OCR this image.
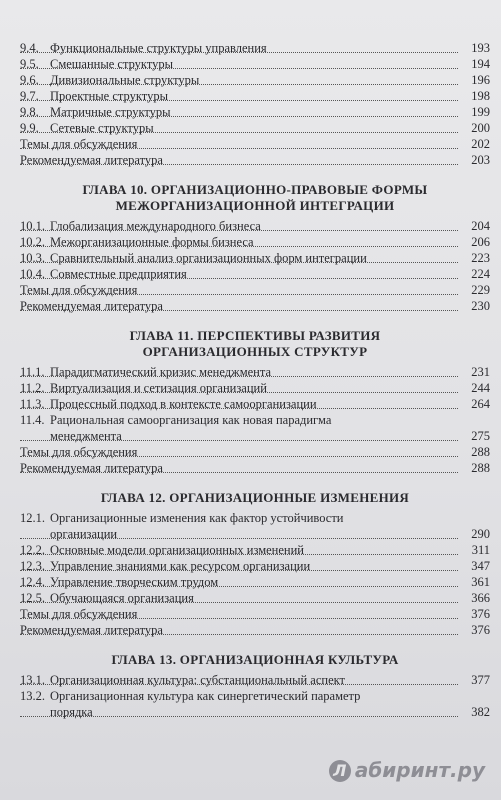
9.4. Функциональные структуры управления	193
9.5. Смешанные структуры	194
9.6. Дивизиональные структуры	196
9.7. Проектные структуры	198
9.8. Матричные структуры	199
9.9. Сетевые структуры	200
Темы для обсуждения	202
Рекомендуемая литература	203
ГЛАВА 10. ОРГАНИЗАЦИОННО-ПРАВОВЫЕ ФОРМЫ
МЕЖОРГАНИЗАЦИОННОЙ ИНТЕГРАЦИИ
10.1. Глобализация международного бизнеса	204
10.2. Межорганизационные формы бизнеса	206
10.3. Сравнительный анализ организационных форм интеграции	223
10.4. Совместные предприятия	224
Темы для обсуждения	229
Рекомендуемая литература	230
ГЛАВА 11. ПЕРСПЕКТИВЫ РАЗВИТИЯ
ОРГАНИЗАЦИОННЫХ СТРУКТУР
11.1. Парадигматический кризис менеджмента	231
11.2. Виртуализация и сетизация организаций	244
11.3. Процессный подход в контексте самоорганизации	264
11.4. Рациональная самоорганизация как новая парадигма
менеджмента	275
Темы для обсуждения	288
Рекомендуемая литература	288
ГЛАВА 12. ОРГАНИЗАЦИОННЫЕ ИЗМЕНЕНИЯ
12.1. Организационные изменения как фактор устойчивости
организации	290
12.2. Основные модели организационных изменений	311
12.3. Управление знаниями как ресурсом организации	347
12.4. Управление творческим трудом	361
12.5. Обучающаяся организация	366
Темы для обсуждения	376
Рекомендуемая литература	376
ГЛАВА 13. ОРГАНИЗАЦИОННАЯ КУЛЬТУРА
13.1. Организационная культура: субстанциональный аспект	377
13.2. Организационная культура как синергетический параметр
порядка	382
Л абиринт.ру
